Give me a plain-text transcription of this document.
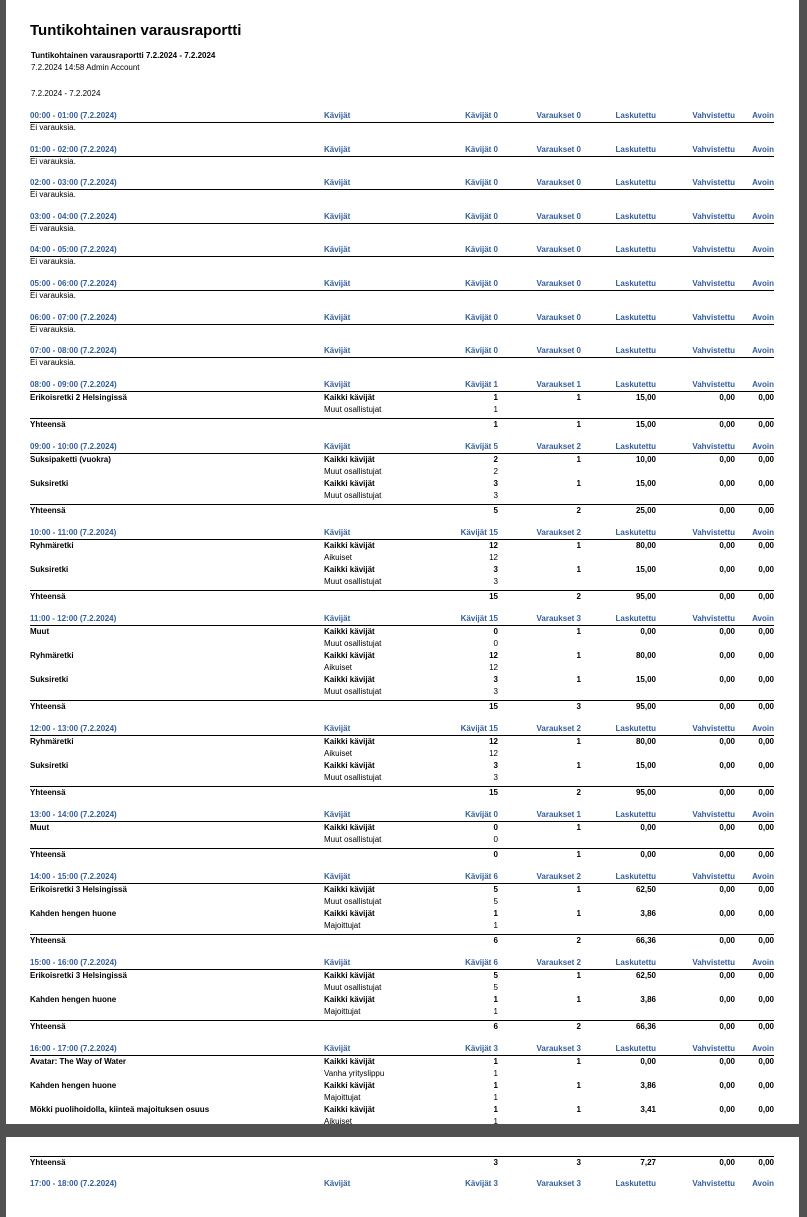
Tuntikohtainen varausraportti
Tuntikohtainen varausraportti 7.2.2024 - 7.2.2024
7.2.2024 14:58 Admin Account
7.2.2024 - 7.2.2024
00:00 - 01:00 (7.2.2024)	Kävijät	Kävijät 0	Varaukset 0	Laskutettu	Vahvistettu Avoin
Ei varauksia.
01:00 - 02:00 (7.2.2024)	Kävijät	Kävijät 0	Varaukset 0	Laskutettu	Vahvistettu Avoin
Ei varauksia.
02:00 - 03:00 (7.2.2024)	Kävijät	Kävijät 0	Varaukset 0	Laskutettu	Vahvistettu Avoin
Ei varauksia.
03:00 - 04:00 (7.2.2024)	Kävijät	Kävijät 0	Varaukset 0	Laskutettu	Vahvistettu Avoin
Ei varauksia.
04:00 - 05:00 (7.2.2024)	Kävijät	Kävijät 0	Varaukset 0	Laskutettu	Vahvistettu Avoin
Ei varauksia.
05:00 - 06:00 (7.2.2024)	Kävijät	Kävijät 0	Varaukset 0	Laskutettu	Vahvistettu Avoin
Ei varauksia.
06:00 - 07:00 (7.2.2024)	Kävijät	Kävijät 0	Varaukset 0	Laskutettu	Vahvistettu Avoin
Ei varauksia.
07:00 - 08:00 (7.2.2024)	Kävijät	Kävijät 0	Varaukset 0	Laskutettu	Vahvistettu Avoin
Ei varauksia.
08:00 - 09:00 (7.2.2024)	Kävijät	Kävijät 1	Varaukset 1	Laskutettu	Vahvistettu Avoin
Erikoisretki 2 Helsingissä	Kaikki kävijät	1	1	15,00	0,00	0,00
Muut osallistujat	1
Yhteensä	1	1	15,00	0,00	0,00
09:00 - 10:00 (7.2.2024)	Kävijät	Kävijät 5	Varaukset 2	Laskutettu	Vahvistettu Avoin
Suksipaketti (vuokra)	Kaikki kävijät	2	1	10,00	0,00	0,00
Muut osallistujat	2
Suksiretki	Kaikki kävijät	3	1	15,00	0,00	0,00
Muut osallistujat	3
Yhteensä	5	2	25,00	0,00	0,00
10:00 - 11:00 (7.2.2024)	Kävijät	Kävijät 15	Varaukset 2	Laskutettu	Vahvistettu Avoin
Ryhmäretki	Kaikki kävijät	12	1	80,00	0,00	0,00
Aikuiset	12
Suksiretki	Kaikki kävijät	3	1	15,00	0,00	0,00
Muut osallistujat	3
Yhteensä	15	2	95,00	0,00	0,00
11:00 - 12:00 (7.2.2024)	Kävijät	Kävijät 15	Varaukset 3	Laskutettu	Vahvistettu Avoin
Muut	Kaikki kävijät	0	1	0,00	0,00	0,00
Muut osallistujat	0
Ryhmäretki	Kaikki kävijät	12	1	80,00	0,00	0,00
Aikuiset	12
Suksiretki	Kaikki kävijät	3	1	15,00	0,00	0,00
Muut osallistujat	3
Yhteensä	15	3	95,00	0,00	0,00
12:00 - 13:00 (7.2.2024)	Kävijät	Kävijät 15	Varaukset 2	Laskutettu	Vahvistettu Avoin
Ryhmäretki	Kaikki kävijät	12	1	80,00	0,00	0,00
Aikuiset	12
Suksiretki	Kaikki kävijät	3	1	15,00	0,00	0,00
Muut osallistujat	3
Yhteensä	15	2	95,00	0,00	0,00
13:00 - 14:00 (7.2.2024)	Kävijät	Kävijät 0	Varaukset 1	Laskutettu	Vahvistettu Avoin
Muut	Kaikki kävijät	0	1	0,00	0,00	0,00
Muut osallistujat	0
Yhteensä	0	1	0,00	0,00	0,00
14:00 - 15:00 (7.2.2024)	Kävijät	Kävijät 6	Varaukset 2	Laskutettu	Vahvistettu Avoin
Erikoisretki 3 Helsingissä	Kaikki kävijät	5	1	62,50	0,00	0,00
Muut osallistujat	5
Kahden hengen huone	Kaikki kävijät	1	1	3,86	0,00	0,00
Majoittujat	1
Yhteensä	6	2	66,36	0,00	0,00
15:00 - 16:00 (7.2.2024)	Kävijät	Kävijät 6	Varaukset 2	Laskutettu	Vahvistettu Avoin
Erikoisretki 3 Helsingissä	Kaikki kävijät	5	1	62,50	0,00	0,00
Muut osallistujat	5
Kahden hengen huone	Kaikki kävijät	1	1	3,86	0,00	0,00
Majoittujat	1
Yhteensä	6	2	66,36	0,00	0,00
16:00 - 17:00 (7.2.2024)	Kävijät	Kävijät 3	Varaukset 3	Laskutettu	Vahvistettu Avoin
Avatar: The Way of Water	Kaikki kävijät	1	1	0,00	0,00	0,00
Vanha yrityslippu	1
Kahden hengen huone	Kaikki kävijät	1	1	3,86	0,00	0,00
Majoittujat	1
Mökki puolihoidolla, kiinteä majoituksen osuus	Kaikki kävijät	1	1	3,41	0,00	0,00
Aikuiset	1
Yhteensä	3	3	7,27	0,00	0,00
17:00 - 18:00 (7.2.2024)	Kävijät	Kävijät 3	Varaukset 3	Laskutettu	Vahvistettu Avoin
